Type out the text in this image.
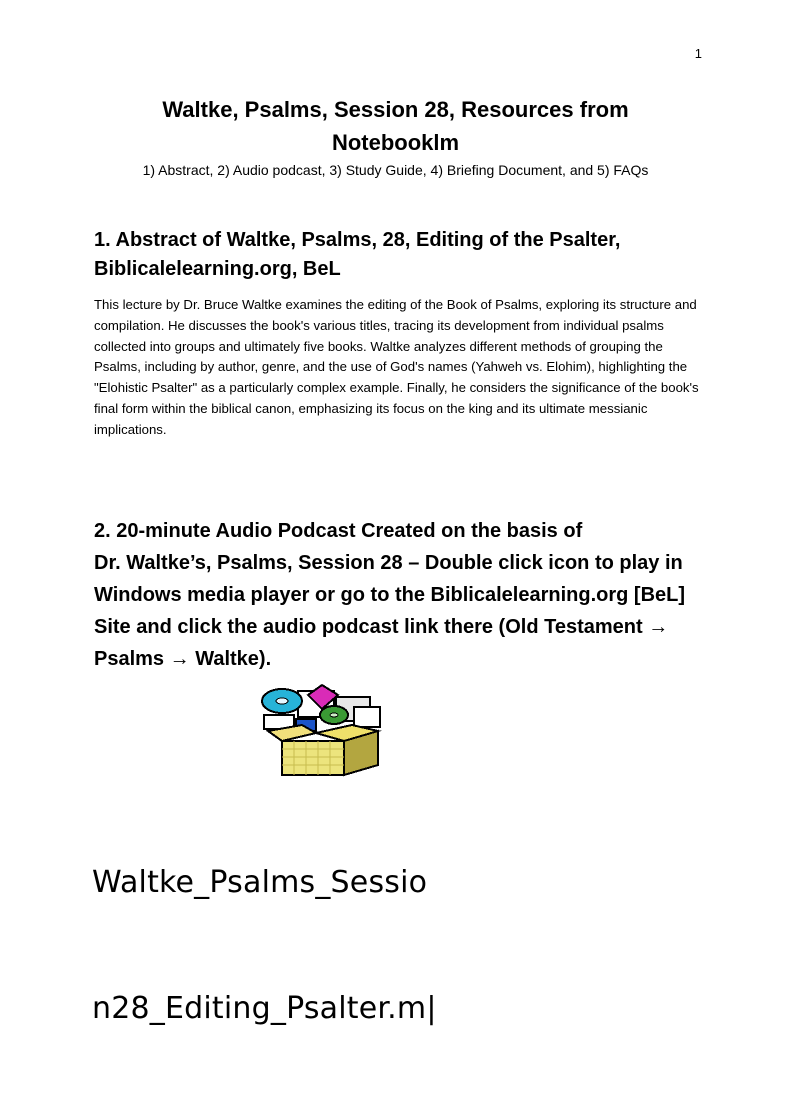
1
Waltke, Psalms, Session 28, Resources from
Notebooklm
1) Abstract, 2) Audio podcast, 3) Study Guide, 4) Briefing Document, and 5) FAQs
1. Abstract of Waltke, Psalms, 28, Editing of the Psalter,
Biblicalelearning.org, BeL
This lecture by Dr. Bruce Waltke examines the editing of the Book of Psalms, exploring its structure and compilation. He discusses the book's various titles, tracing its development from individual psalms collected into groups and ultimately five books. Waltke analyzes different methods of grouping the Psalms, including by author, genre, and the use of God's names (Yahweh vs. Elohim), highlighting the "Elohistic Psalter" as a particularly complex example. Finally, he considers the significance of the book's final form within the biblical canon, emphasizing its focus on the king and its ultimate messianic implications.
2. 20-minute Audio Podcast Created on the basis of
Dr. Waltke’s, Psalms, Session 28 – Double click icon to play in
Windows media player or go to the Biblicalelearning.org [BeL]
Site and click the audio podcast link there (Old Testament →
Psalms → Waltke).

Waltke_Psalms_Sessio

n28_Editing_Psalter.m|
